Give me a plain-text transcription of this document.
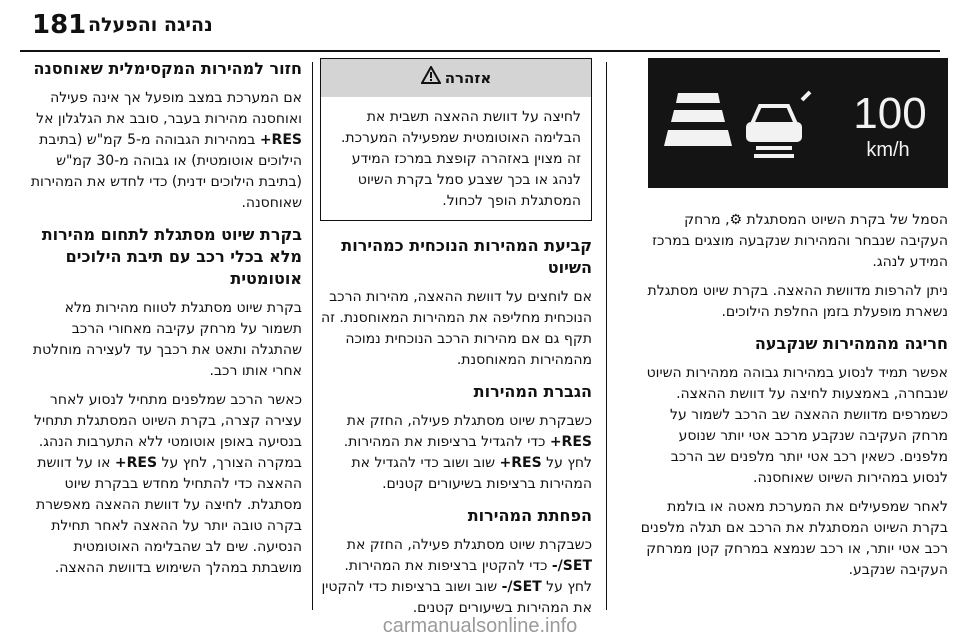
181 נהיגה והפעלה
100
km/h

הסמל של בקרת השיוט המסתגלת ⚙, מרחק העקיבה שנבחר והמהירות שנקבעה מוצגים במרכז המידע לנהג.

ניתן להרפות מדוושת ההאצה. בקרת שיוט מסתגלת נשארת מופעלת בזמן החלפת הילוכים.

חריגה מהמהירות שנקבעה

אפשר תמיד לנסוע במהירות גבוהה ממהירות השיוט שנבחרה, באמצעות לחיצה על דוושת ההאצה. כשמרפים מדוושת ההאצה שב הרכב לשמור על מרחק העקיבה שנקבע מרכב אטי יותר שנוסע מלפנים. כשאין רכב אטי יותר מלפנים שב הרכב לנסוע במהירות השיוט שאוחסנה.

לאחר שמפעילים את המערכת מאטה או בולמת בקרת השיוט המסתגלת את הרכב אם תגלה מלפנים רכב אטי יותר, או רכב שנמצא במרחק קטן ממרחק העקיבה שנקבע.

אזהרה

לחיצה על דוושת ההאצה תשבית את הבלימה האוטומטית שמפעילה המערכת. זה מצוין באזהרה קופצת במרכז המידע לנהג או בכך שצבע סמל בקרת השיוט המסתגלת הופך לכחול.

קביעת המהירות הנוכחית כמהירות השיוט

אם לוחצים על דוושת ההאצה, מהירות הרכב הנוכחית מחליפה את המהירות המאוחסנת. זה תקף גם אם מהירות הרכב הנוכחית נמוכה מהמהירות המאוחסנת.

הגברת המהירות

כשבקרת שיוט מסתגלת פעילה, החזק את +RES כדי להגדיל ברציפות את המהירות. לחץ על +RES שוב ושוב כדי להגדיל את המהירות ברציפות בשיעורים קטנים.

הפחתת המהירות

כשבקרת שיוט מסתגלת פעילה, החזק את -/SET כדי להקטין ברציפות את המהירות. לחץ על -/SET שוב ושוב ברציפות כדי להקטין את המהירות בשיעורים קטנים.

חזור למהירות המקסימלית שאוחסנה

אם המערכת במצב מופעל אך אינה פעילה ואוחסנה מהירות בעבר, סובב את הגלגלון אל +RES במהירות הגבוהה מ-5 קמ"ש (בתיבת הילוכים אוטומטית) או גבוהה מ-30 קמ"ש (בתיבת הילוכים ידנית) כדי לחדש את המהירות שאוחסנה.

בקרת שיוט מסתגלת לתחום מהירות מלא בכלי רכב עם תיבת הילוכים אוטומטית

בקרת שיוט מסתגלת לטווח מהירות מלא תשמור על מרחק עקיבה מאחורי הרכב שהתגלה ותאט את רכבך עד לעצירה מוחלטת אחרי אותו רכב.

כאשר הרכב שמלפנים מתחיל לנסוע לאחר עצירה קצרה, בקרת השיוט המסתגלת תתחיל בנסיעה באופן אוטומטי ללא התערבות הנהג. במקרה הצורך, לחץ על +RES או על דוושת ההאצה כדי להתחיל מחדש בבקרת שיוט מסתגלת. לחיצה על דוושת ההאצה מאפשרת בקרה טובה יותר על ההאצה לאחר תחילת הנסיעה. שים לב שהבלימה האוטומטית מושבתת במהלך השימוש בדוושת ההאצה.

carmanualsonline.info
